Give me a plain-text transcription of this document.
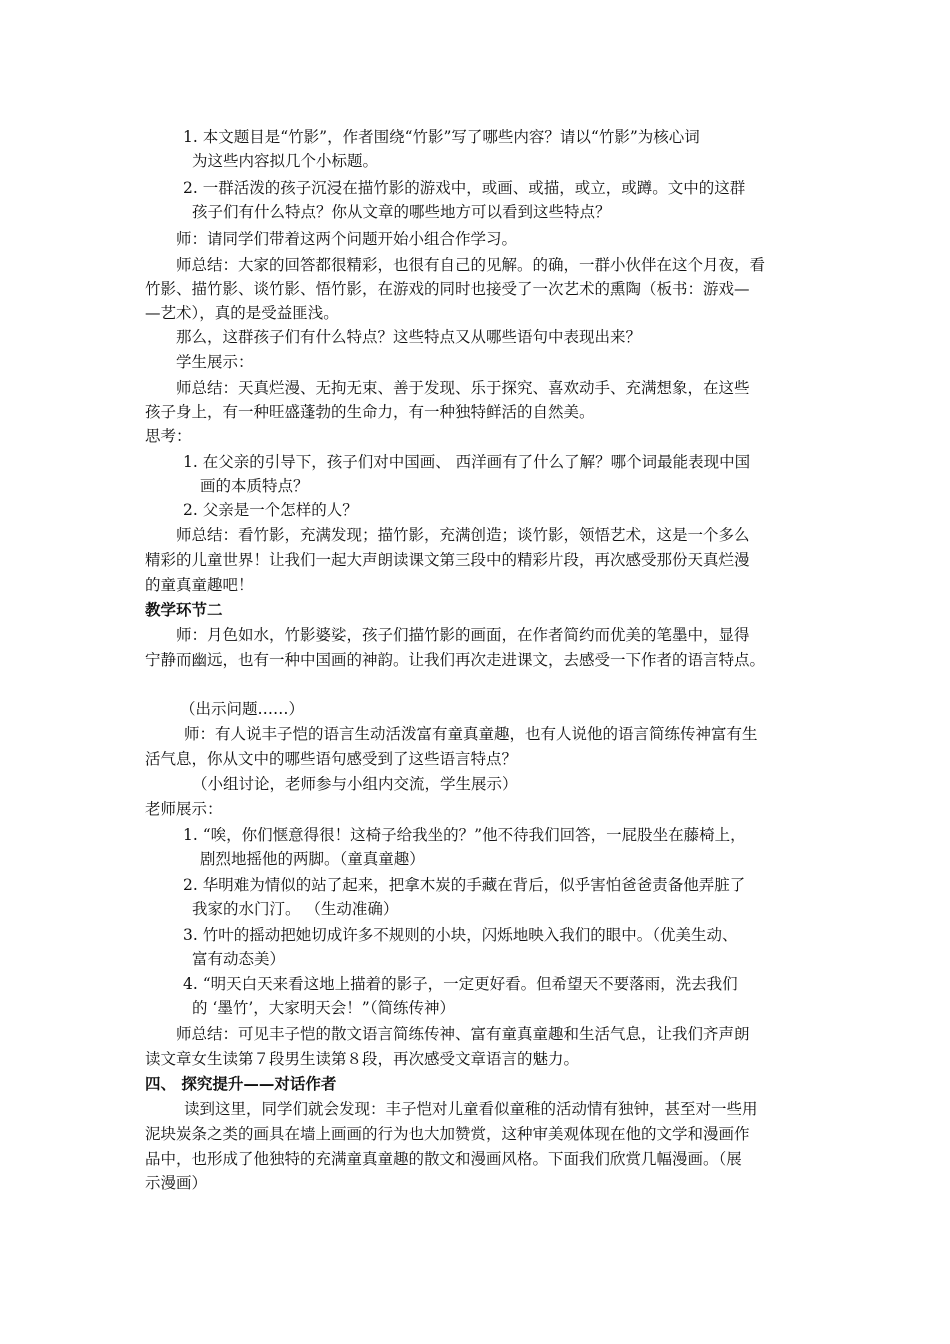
1. 本文题目是“竹影”，作者围绕“竹影”写了哪些内容？请以“竹影”为核心词

为这些内容拟几个小标题。

2. 一群活泼的孩子沉浸在描竹影的游戏中，或画、或描，或立，或蹲。文中的这群

孩子们有什么特点？你从文章的哪些地方可以看到这些特点？

师：请同学们带着这两个问题开始小组合作学习。

师总结：大家的回答都很精彩，也很有自己的见解。的确，一群小伙伴在这个月夜，看

竹影、描竹影、谈竹影、悟竹影，在游戏的同时也接受了一次艺术的熏陶（板书：游戏—

—艺术），真的是受益匪浅。

那么，这群孩子们有什么特点？这些特点又从哪些语句中表现出来？

学生展示：

师总结：天真烂漫、无拘无束、善于发现、乐于探究、喜欢动手、充满想象，在这些

孩子身上，有一种旺盛蓬勃的生命力，有一种独特鲜活的自然美。

思考：

1. 在父亲的引导下，孩子们对中国画、 西洋画有了什么了解？哪个词最能表现中国

画的本质特点？

2. 父亲是一个怎样的人？

师总结：看竹影，充满发现；描竹影，充满创造；谈竹影，领悟艺术，这是一个多么

精彩的儿童世界！让我们一起大声朗读课文第三段中的精彩片段，再次感受那份天真烂漫

的童真童趣吧！

教学环节二

师：月色如水，竹影婆娑，孩子们描竹影的画面，在作者简约而优美的笔墨中，显得

宁静而幽远，也有一种中国画的神韵。让我们再次走进课文，去感受一下作者的语言特点。

（出示问题……）

师：有人说丰子恺的语言生动活泼富有童真童趣，也有人说他的语言简练传神富有生

活气息，你从文中的哪些语句感受到了这些语言特点？

（小组讨论，老师参与小组内交流，学生展示）

老师展示：

1. “唉，你们惬意得很！这椅子给我坐的？”他不待我们回答，一屁股坐在藤椅上，

剧烈地摇他的两脚。（童真童趣）

2. 华明难为情似的站了起来，把拿木炭的手藏在背后，似乎害怕爸爸责备他弄脏了

我家的水门汀。 （生动准确）

3. 竹叶的摇动把她切成许多不规则的小块，闪烁地映入我们的眼中。（优美生动、

富有动态美）

4. “明天白天来看这地上描着的影子，一定更好看。但希望天不要落雨，洗去我们

的 ‘墨竹’，大家明天会！”（简练传神）

师总结：可见丰子恺的散文语言简练传神、富有童真童趣和生活气息，让我们齐声朗

读文章女生读第７段男生读第８段，再次感受文章语言的魅力。

四、 探究提升——对话作者

读到这里，同学们就会发现：丰子恺对儿童看似童稚的活动情有独钟，甚至对一些用

泥块炭条之类的画具在墙上画画的行为也大加赞赏，这种审美观体现在他的文学和漫画作

品中，也形成了他独特的充满童真童趣的散文和漫画风格。下面我们欣赏几幅漫画。（展

示漫画）
